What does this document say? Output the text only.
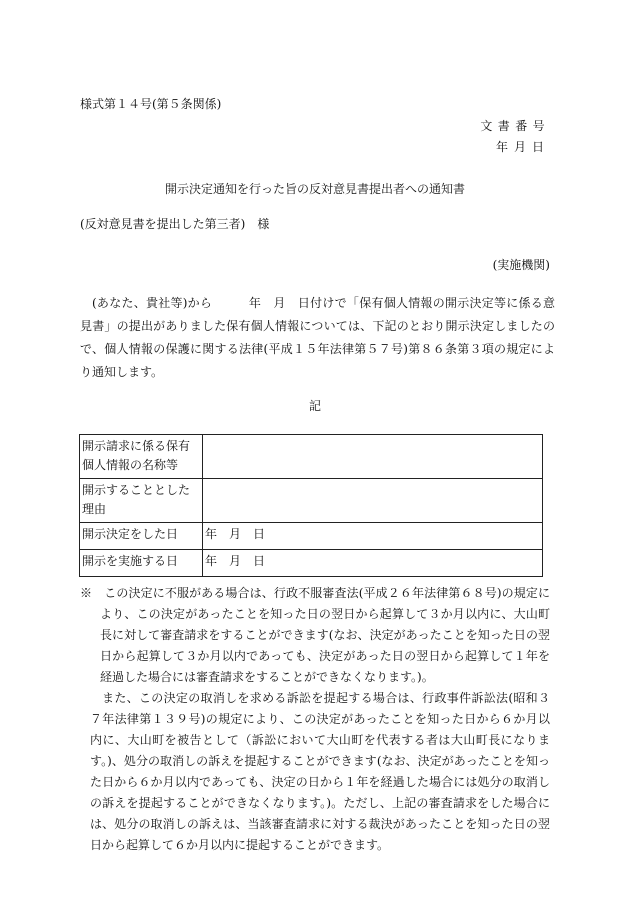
様式第１４号(第５条関係)
文書番号
年月日
開示決定通知を行った旨の反対意見書提出者への通知書
(反対意見書を提出した第三者)　様
(実施機関)
(あなた、貴社等)から　　　年　月　日付けで「保有個人情報の開示決定等に係る意見書」の提出がありました保有個人情報については、下記のとおり開示決定しましたので、個人情報の保護に関する法律(平成１５年法律第５７号)第８６条第３項の規定により通知します。
記
開示請求に係る保有個人情報の名称等	
開示することとした理由	
開示決定をした日	年　月　日
開示を実施する日	年　月　日
※　この決定に不服がある場合は、行政不服審査法(平成２６年法律第６８号)の規定により、この決定があったことを知った日の翌日から起算して３か月以内に、大山町長に対して審査請求をすることができます(なお、決定があったことを知った日の翌日から起算して３か月以内であっても、決定があった日の翌日から起算して１年を経過した場合には審査請求をすることができなくなります。)。
また、この決定の取消しを求める訴訟を提起する場合は、行政事件訴訟法(昭和３７年法律第１３９号)の規定により、この決定があったことを知った日から６か月以内に、大山町を被告として（訴訟において大山町を代表する者は大山町長になります。)、処分の取消しの訴えを提起することができます(なお、決定があったことを知った日から６か月以内であっても、決定の日から１年を経過した場合には処分の取消しの訴えを提起することができなくなります。)。ただし、上記の審査請求をした場合には、処分の取消しの訴えは、当該審査請求に対する裁決があったことを知った日の翌日から起算して６か月以内に提起することができます。
